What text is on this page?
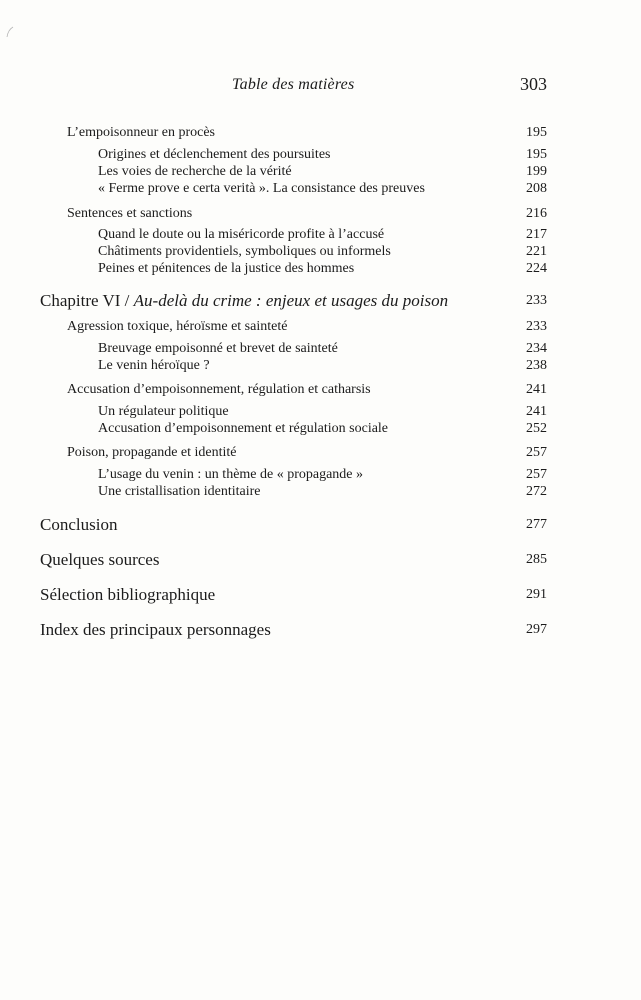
Table des matières	303
L’empoisonneur en procès	195
Origines et déclenchement des poursuites	195
Les voies de recherche de la vérité	199
« Ferme prove e certa verità ». La consistance des preuves	208
Sentences et sanctions	216
Quand le doute ou la miséricorde profite à l’accusé	217
Châtiments providentiels, symboliques ou informels	221
Peines et pénitences de la justice des hommes	224
Chapitre VI / Au-delà du crime : enjeux et usages du poison	233
Agression toxique, héroïsme et sainteté	233
Breuvage empoisonné et brevet de sainteté	234
Le venin héroïque ?	238
Accusation d’empoisonnement, régulation et catharsis	241
Un régulateur politique	241
Accusation d’empoisonnement et régulation sociale	252
Poison, propagande et identité	257
L’usage du venin : un thème de « propagande »	257
Une cristallisation identitaire	272
Conclusion	277
Quelques sources	285
Sélection bibliographique	291
Index des principaux personnages	297
